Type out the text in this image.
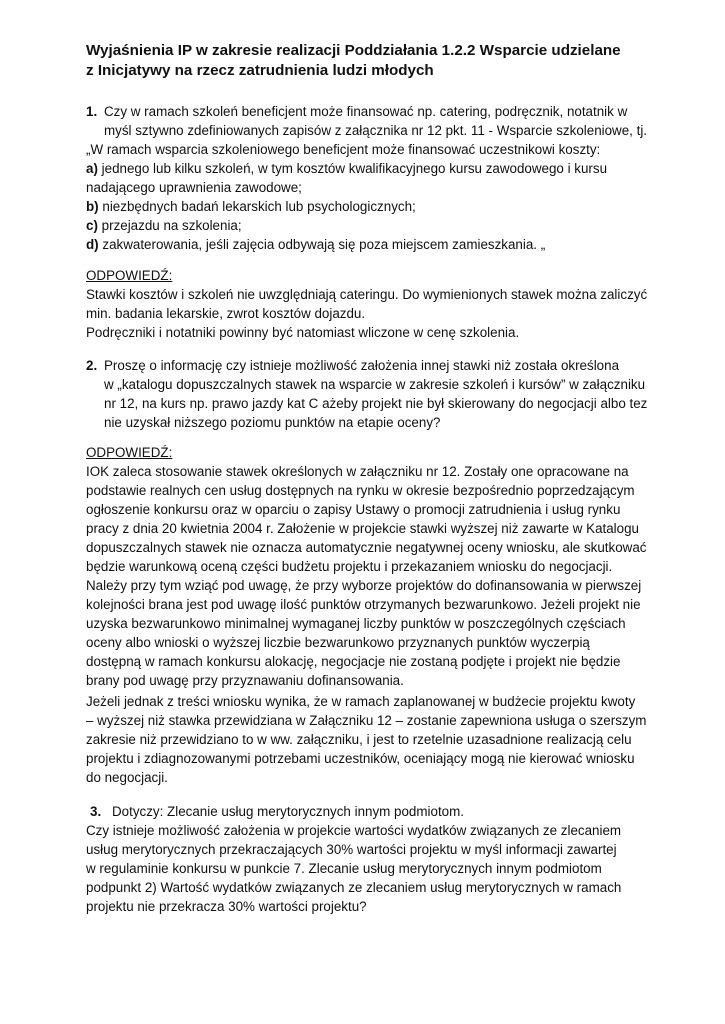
Wyjaśnienia IP w zakresie realizacji Poddziałania 1.2.2 Wsparcie udzielane
z Inicjatywy na rzecz zatrudnienia ludzi młodych
1. Czy w ramach szkoleń beneficjent może finansować np. catering, podręcznik, notatnik w
myśl sztywno zdefiniowanych zapisów z załącznika nr 12 pkt. 11 - Wsparcie szkoleniowe, tj.
„W ramach wsparcia szkoleniowego beneficjent może finansować uczestnikowi koszty:
a) jednego lub kilku szkoleń, w tym kosztów kwalifikacyjnego kursu zawodowego i kursu
nadającego uprawnienia zawodowe;
b) niezbędnych badań lekarskich lub psychologicznych;
c) przejazdu na szkolenia;
d) zakwaterowania, jeśli zajęcia odbywają się poza miejscem zamieszkania. „
ODPOWIEDŹ:
Stawki kosztów i szkoleń nie uwzględniają cateringu. Do wymienionych stawek można zaliczyć
min. badania lekarskie, zwrot kosztów dojazdu.
Podręczniki i notatniki powinny być natomiast wliczone w cenę szkolenia.
2. Proszę o informację czy istnieje możliwość założenia innej stawki niż została określona
w „katalogu dopuszczalnych stawek na wsparcie w zakresie szkoleń i kursów” w załączniku
nr 12, na kurs np. prawo jazdy kat C ażeby projekt nie był skierowany do negocjacji albo tez
nie uzyskał niższego poziomu punktów na etapie oceny?
ODPOWIEDŹ:
IOK zaleca stosowanie stawek określonych w załączniku nr 12. Zostały one opracowane na
podstawie realnych cen usług dostępnych na rynku w okresie bezpośrednio poprzedzającym
ogłoszenie konkursu oraz w oparciu o zapisy Ustawy o promocji zatrudnienia i usług rynku
pracy z dnia 20 kwietnia 2004 r. Założenie w projekcie stawki wyższej niż zawarte w Katalogu
dopuszczalnych stawek nie oznacza automatycznie negatywnej oceny wniosku, ale skutkować
będzie warunkową oceną części budżetu projektu i przekazaniem wniosku do negocjacji.
Należy przy tym wziąć pod uwagę, że przy wyborze projektów do dofinansowania w pierwszej
kolejności brana jest pod uwagę ilość punktów otrzymanych bezwarunkowo. Jeżeli projekt nie
uzyska bezwarunkowo minimalnej wymaganej liczby punktów w poszczególnych częściach
oceny albo wnioski o wyższej liczbie bezwarunkowo przyznanych punktów wyczerpią
dostępną w ramach konkursu alokację, negocjacje nie zostaną podjęte i projekt nie będzie
brany pod uwagę przy przyznawaniu dofinansowania.
Jeżeli jednak z treści wniosku wynika, że w ramach zaplanowanej w budżecie projektu kwoty
– wyższej niż stawka przewidziana w Załączniku 12 – zostanie zapewniona usługa o szerszym
zakresie niż przewidziano to w ww. załączniku, i jest to rzetelnie uzasadnione realizacją celu
projektu i zdiagnozowanymi potrzebami uczestników, oceniający mogą nie kierować wniosku
do negocjacji.
3. Dotyczy: Zlecanie usług merytorycznych innym podmiotom.
Czy istnieje możliwość założenia w projekcie wartości wydatków związanych ze zlecaniem
usług merytorycznych przekraczających 30% wartości projektu w myśl informacji zawartej
w regulaminie konkursu w punkcie 7. Zlecanie usług merytorycznych innym podmiotom
podpunkt 2) Wartość wydatków związanych ze zlecaniem usług merytorycznych w ramach
projektu nie przekracza 30% wartości projektu?
